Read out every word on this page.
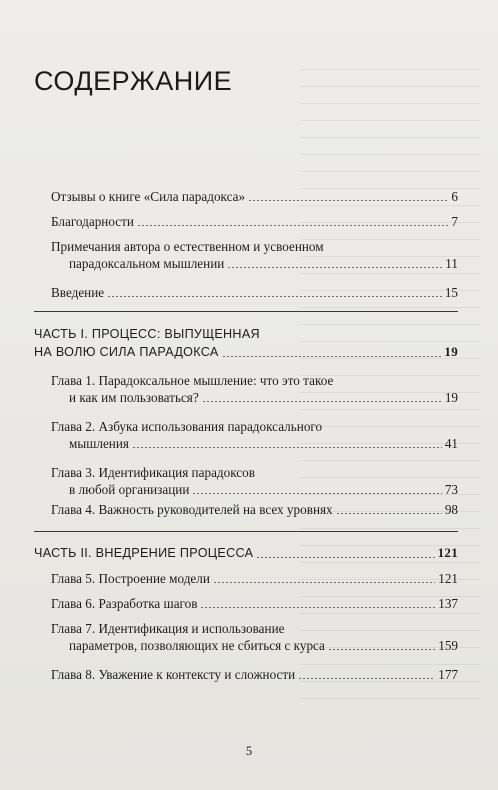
СОДЕРЖАНИЕ
Отзывы о книге «Сила парадокса»	6
Благодарности	7
Примечания автора о естественном и усвоенном
парадоксальном мышлении	11
Введение	15
ЧАСТЬ I. ПРОЦЕСС: ВЫПУЩЕННАЯ
НА ВОЛЮ СИЛА ПАРАДОКСА	19
Глава 1. Парадоксальное мышление: что это такое
и как им пользоваться?	19
Глава 2. Азбука использования парадоксального
мышления	41
Глава 3. Идентификация парадоксов
в любой организации	73
Глава 4. Важность руководителей на всех уровнях	98
ЧАСТЬ II. ВНЕДРЕНИЕ ПРОЦЕССА	121
Глава 5. Построение модели	121
Глава 6. Разработка шагов	137
Глава 7. Идентификация и использование
параметров, позволяющих не сбиться с курса	159
Глава 8. Уважение к контексту и сложности	177
5
